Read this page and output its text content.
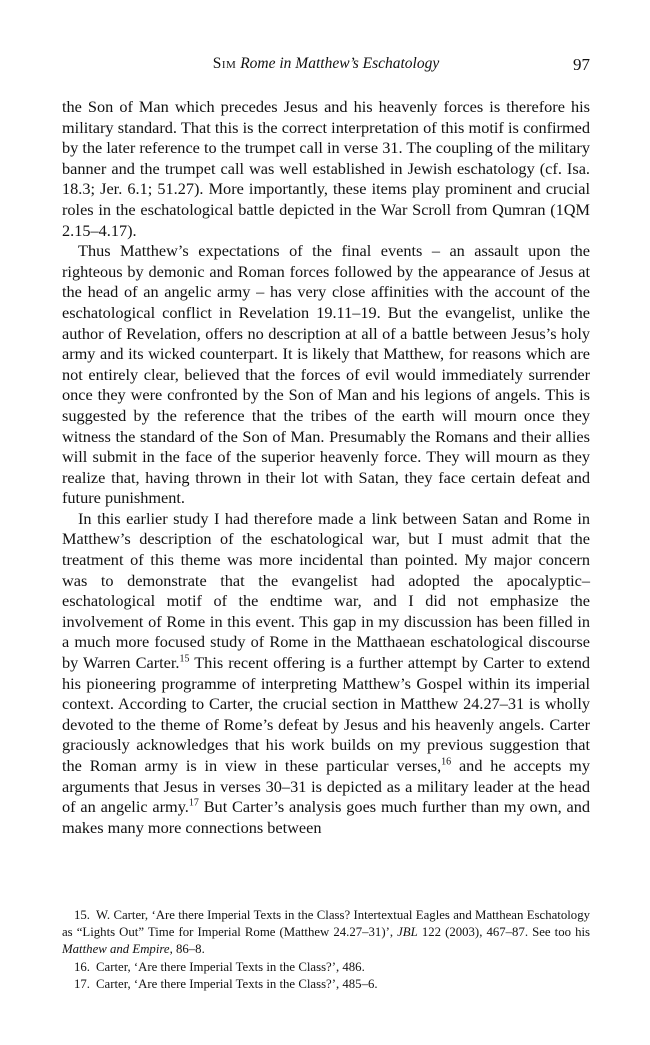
Sim Rome in Matthew’s Eschatology	97

the Son of Man which precedes Jesus and his heavenly forces is therefore his military standard. That this is the correct interpretation of this motif is confirmed by the later reference to the trumpet call in verse 31. The coupling of the military banner and the trumpet call was well established in Jewish eschatology (cf. Isa. 18.3; Jer. 6.1; 51.27). More importantly, these items play prominent and crucial roles in the eschatological battle depicted in the War Scroll from Qumran (1QM 2.15–4.17).

Thus Matthew’s expectations of the final events – an assault upon the righteous by demonic and Roman forces followed by the appearance of Jesus at the head of an angelic army – has very close affinities with the account of the eschatological conflict in Revelation 19.11–19. But the evangelist, unlike the author of Revelation, offers no description at all of a battle between Jesus’s holy army and its wicked counterpart. It is likely that Matthew, for reasons which are not entirely clear, believed that the forces of evil would immediately surrender once they were confronted by the Son of Man and his legions of angels. This is suggested by the reference that the tribes of the earth will mourn once they witness the standard of the Son of Man. Presumably the Romans and their allies will submit in the face of the superior heavenly force. They will mourn as they realize that, having thrown in their lot with Satan, they face certain defeat and future punishment.

In this earlier study I had therefore made a link between Satan and Rome in Matthew’s description of the eschatological war, but I must admit that the treatment of this theme was more incidental than pointed. My major concern was to demonstrate that the evangelist had adopted the apocalyptic–eschatological motif of the endtime war, and I did not emphasize the involvement of Rome in this event. This gap in my discussion has been filled in a much more focused study of Rome in the Matthaean eschatological discourse by Warren Carter.$^{15}$ This recent offering is a further attempt by Carter to extend his pioneering programme of interpreting Matthew’s Gospel within its imperial context. According to Carter, the crucial section in Matthew 24.27–31 is wholly devoted to the theme of Rome’s defeat by Jesus and his heavenly angels. Carter graciously acknowledges that his work builds on my previous suggestion that the Roman army is in view in these particular verses,$^{16}$ and he accepts my arguments that Jesus in verses 30–31 is depicted as a military leader at the head of an angelic army.$^{17}$ But Carter’s analysis goes much further than my own, and makes many more connections between

15. W. Carter, ‘Are there Imperial Texts in the Class? Intertextual Eagles and Matthean Eschatology as “Lights Out” Time for Imperial Rome (Matthew 24.27–31)’, JBL 122 (2003), 467–87. See too his Matthew and Empire, 86–8.

16. Carter, ‘Are there Imperial Texts in the Class?’, 486.

17. Carter, ‘Are there Imperial Texts in the Class?’, 485–6.
